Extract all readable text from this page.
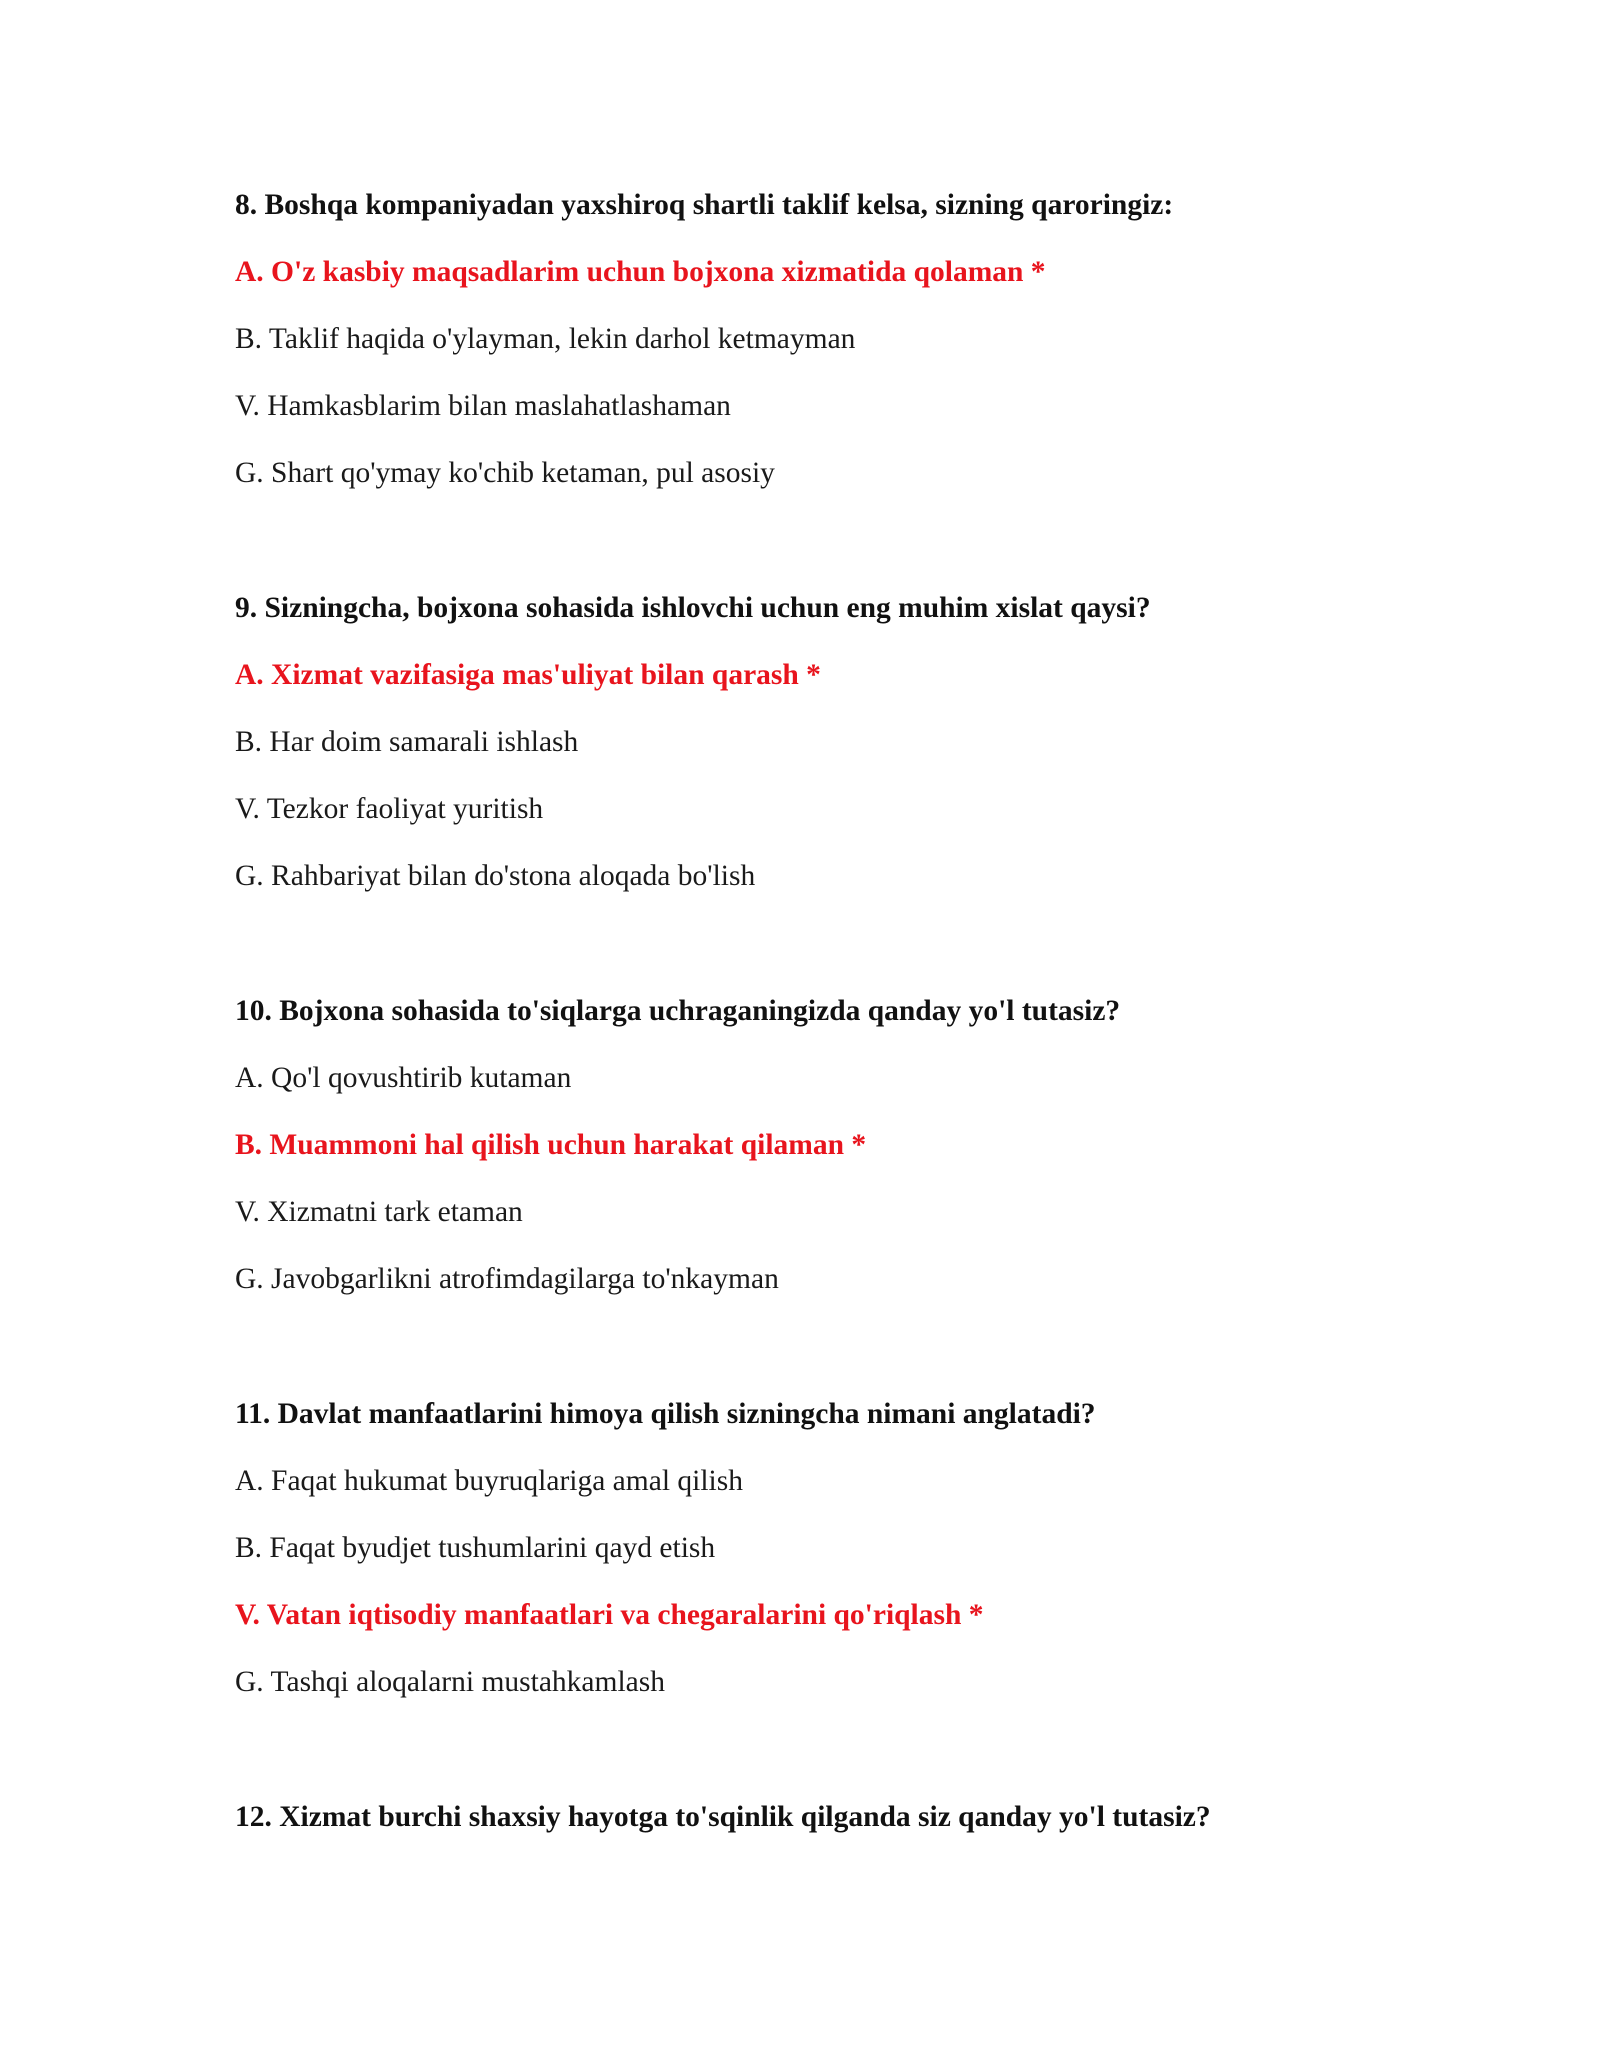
8. Boshqa kompaniyadan yaxshiroq shartli taklif kelsa, sizning qaroringiz:
A. O'z kasbiy maqsadlarim uchun bojxona xizmatida qolaman *
B. Taklif haqida o'ylayman, lekin darhol ketmayman
V. Hamkasblarim bilan maslahatlashaman
G. Shart qo'ymay ko'chib ketaman, pul asosiy
9. Sizningcha, bojxona sohasida ishlovchi uchun eng muhim xislat qaysi?
A. Xizmat vazifasiga mas'uliyat bilan qarash *
B. Har doim samarali ishlash
V. Tezkor faoliyat yuritish
G. Rahbariyat bilan do'stona aloqada bo'lish
10. Bojxona sohasida to'siqlarga uchraganingizda qanday yo'l tutasiz?
A. Qo'l qovushtirib kutaman
B. Muammoni hal qilish uchun harakat qilaman *
V. Xizmatni tark etaman
G. Javobgarlikni atrofimdagilarga to'nkayman
11. Davlat manfaatlarini himoya qilish sizningcha nimani anglatadi?
A. Faqat hukumat buyruqlariga amal qilish
B. Faqat byudjet tushumlarini qayd etish
V. Vatan iqtisodiy manfaatlari va chegaralarini qo'riqlash *
G. Tashqi aloqalarni mustahkamlash
12. Xizmat burchi shaxsiy hayotga to'sqinlik qilganda siz qanday yo'l tutasiz?
